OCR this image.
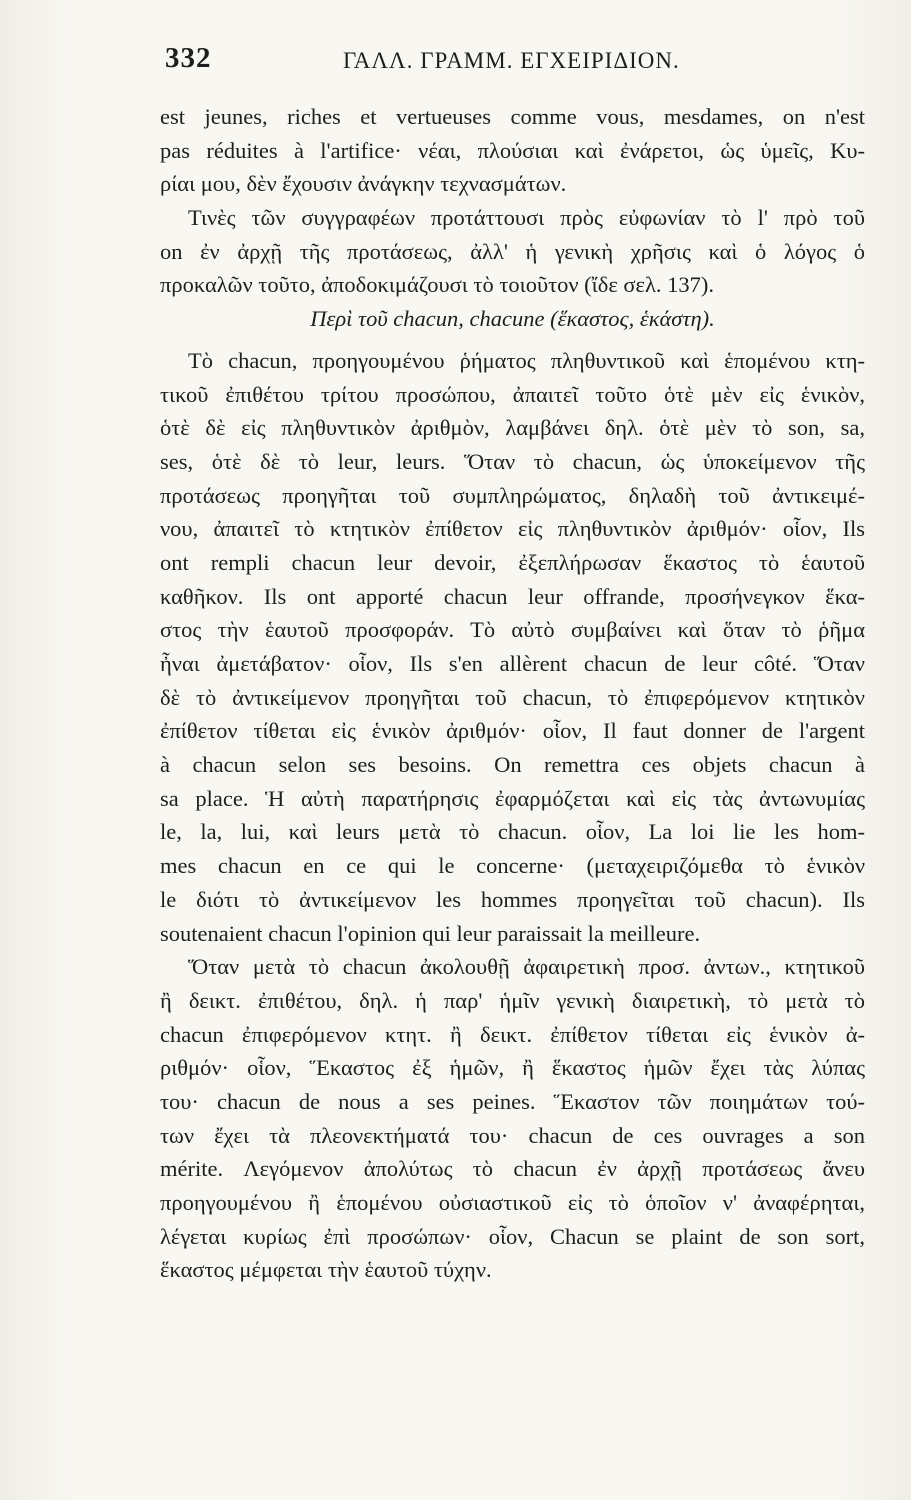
332	ΓΑΛΛ. ΓΡΑΜΜ. ΕΓΧΕΙΡΙΔΙΟΝ.
est jeunes, riches et vertueuses comme vous, mesdames, on n'est
pas réduites à l'artifice· νέαι, πλούσιαι καὶ ἐνάρετοι, ὡς ὑμεῖς, Κυ-
ρίαι μου, δὲν ἔχουσιν ἀνάγκην τεχνασμάτων.
Τινὲς τῶν συγγραφέων προτάττουσι πρὸς εὐφωνίαν τὸ l' πρὸ τοῦ
on ἐν ἀρχῇ τῆς προτάσεως, ἀλλ' ἡ γενικὴ χρῆσις καὶ ὁ λόγος ὁ
προκαλῶν τοῦτο, ἀποδοκιμάζουσι τὸ τοιοῦτον (ἴδε σελ. 137).
Περὶ τοῦ chacun, chacune (ἕκαστος, ἑκάστη).
Τὸ chacun, προηγουμένου ῥήματος πληθυντικοῦ καὶ ἑπομένου κτη-
τικοῦ ἐπιθέτου τρίτου προσώπου, ἀπαιτεῖ τοῦτο ὁτὲ μὲν εἰς ἑνικὸν,
ὁτὲ δὲ εἰς πληθυντικὸν ἀριθμὸν, λαμβάνει δηλ. ὁτὲ μὲν τὸ son, sa,
ses, ὁτὲ δὲ τὸ leur, leurs. Ὅταν τὸ chacun, ὡς ὑποκείμενον τῆς
προτάσεως προηγῆται τοῦ συμπληρώματος, δηλαδὴ τοῦ ἀντικειμέ-
νου, ἀπαιτεῖ τὸ κτητικὸν ἐπίθετον εἰς πληθυντικὸν ἀριθμόν· οἷον, Ils
ont rempli chacun leur devoir, ἐξεπλήρωσαν ἕκαστος τὸ ἑαυτοῦ
καθῆκον. Ils ont apporté chacun leur offrande, προσήνεγκον ἕκα-
στος τὴν ἑαυτοῦ προσφοράν. Τὸ αὐτὸ συμβαίνει καὶ ὅταν τὸ ῥῆμα
ἦναι ἀμετάβατον· οἷον, Ils s'en allèrent chacun de leur côté. Ὅταν
δὲ τὸ ἀντικείμενον προηγῆται τοῦ chacun, τὸ ἐπιφερόμενον κτητικὸν
ἐπίθετον τίθεται εἰς ἑνικὸν ἀριθμόν· οἷον, Il faut donner de l'argent
à chacun selon ses besoins. On remettra ces objets chacun à
sa place. Ἡ αὐτὴ παρατήρησις ἐφαρμόζεται καὶ εἰς τὰς ἀντωνυμίας
le, la, lui, καὶ leurs μετὰ τὸ chacun. οἷον, La loi lie les hom-
mes chacun en ce qui le concerne· (μεταχειριζόμεθα τὸ ἑνικὸν
le διότι τὸ ἀντικείμενον les hommes προηγεῖται τοῦ chacun). Ils
soutenaient chacun l'opinion qui leur paraissait la meilleure.
Ὅταν μετὰ τὸ chacun ἀκολουθῇ ἀφαιρετικὴ προσ. ἀντων., κτητικοῦ
ἢ δεικτ. ἐπιθέτου, δηλ. ἡ παρ' ἡμῖν γενικὴ διαιρετικὴ, τὸ μετὰ τὸ
chacun ἐπιφερόμενον κτητ. ἢ δεικτ. ἐπίθετον τίθεται εἰς ἑνικὸν ἀ-
ριθμόν· οἷον, Ἕκαστος ἐξ ἡμῶν, ἢ ἕκαστος ἡμῶν ἔχει τὰς λύπας
του· chacun de nous a ses peines. Ἕκαστον τῶν ποιημάτων τού-
των ἔχει τὰ πλεονεκτήματά του· chacun de ces ouvrages a son
mérite. Λεγόμενον ἀπολύτως τὸ chacun ἐν ἀρχῇ προτάσεως ἄνευ
προηγουμένου ἢ ἑπομένου οὐσιαστικοῦ εἰς τὸ ὁποῖον ν' ἀναφέρηται,
λέγεται κυρίως ἐπὶ προσώπων· οἷον, Chacun se plaint de son sort,
ἕκαστος μέμφεται τὴν ἑαυτοῦ τύχην.
